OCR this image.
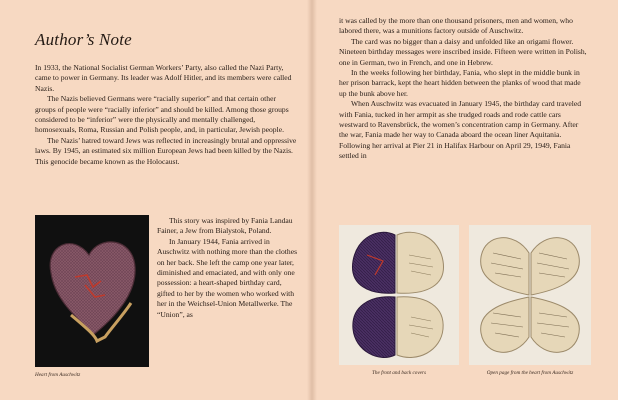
Author’s Note

In 1933, the National Socialist German Workers’ Party, also called the Nazi Party, came to power in Germany. Its leader was Adolf Hitler, and its members were called Nazis.

The Nazis believed Germans were “racially superior” and that certain other groups of people were “racially inferior” and should be killed. Among those groups considered to be “inferior” were the physically and mentally challenged, homosexuals, Roma, Russian and Polish people, and, in particular, Jewish people.

The Nazis’ hatred toward Jews was reflected in increasingly brutal and oppressive laws. By 1945, an estimated six million European Jews had been killed by the Nazis. This genocide became known as the Holocaust.

Heart from Auschwitz

This story was inspired by Fania Landau Fainer, a Jew from Bialystok, Poland.

In January 1944, Fania arrived in Auschwitz with nothing more than the clothes on her back. She left the camp one year later, diminished and emaciated, and with only one possession: a heart-shaped birthday card, gifted to her by the women who worked with her in the Weichsel-Union Metallwerke. The “Union”, as

it was called by the more than one thousand prisoners, men and women, who labored there, was a munitions factory outside of Auschwitz.

The card was no bigger than a daisy and unfolded like an origami flower. Nineteen birthday messages were inscribed inside. Fifteen were written in Polish, one in German, two in French, and one in Hebrew.

In the weeks following her birthday, Fania, who slept in the middle bunk in her prison barrack, kept the heart hidden between the planks of wood that made up the bunk above her.

When Auschwitz was evacuated in January 1945, the birthday card traveled with Fania, tucked in her armpit as she trudged roads and rode cattle cars westward to Ravensbrück, the women’s concentration camp in Germany. After the war, Fania made her way to Canada aboard the ocean liner Aquitania. Following her arrival at Pier 21 in Halifax Harbour on April 29, 1949, Fania settled in

The front and back covers	Open page from the heart from Auschwitz
